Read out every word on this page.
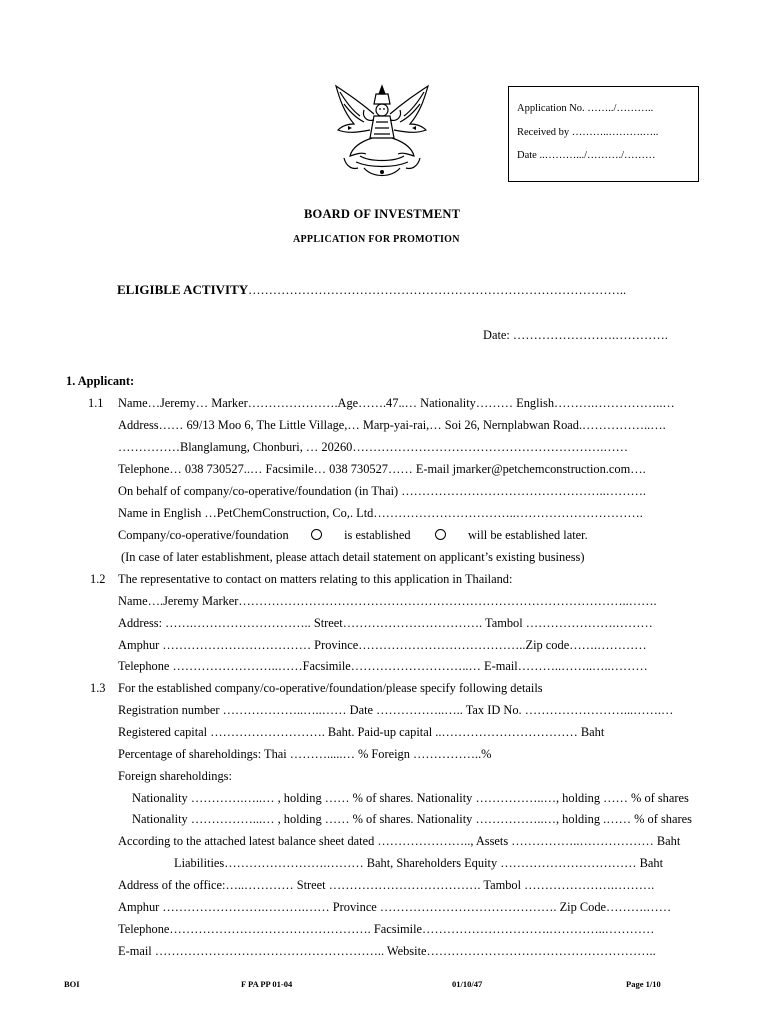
Application No. ……../………..
Received by ………..……….…..
Date ..……….../………./………
BOARD OF INVESTMENT
APPLICATION FOR PROMOTION
ELIGIBLE ACTIVITY………………………………………………………………………………..
Date: …………………….………….
1. Applicant:
1.1 Name…Jeremy… Marker………………….Age…….47..… Nationality……… English……….……………..…
Address…… 69/13 Moo 6, The Little Village,… Marp-yai-rai,… Soi 26, Nernplabwan Road.……………..….
……………Blanglamung, Chonburi, … 20260…………………………………………………….……
Telephone… 038 730527..… Facsimile… 038 730527…… E-mail jmarker@petchemconstruction.com….
On behalf of company/co-operative/foundation (in Thai) …………………………………………..……….
Name in English …PetChemConstruction, Co,. Ltd……………………………..………………………….
Company/co-operative/foundation	is established	will be established later.
(In case of later establishment, please attach detail statement on applicant’s existing business)
1.2 The representative to contact on matters relating to this application in Thailand:
Name….Jeremy Marker…………………………………………………………………………………..…….
Address: …….……………………….. Street……………………………. Tambol ………………….………
Amphur ……………………………… Province…………………………………..Zip code…….…………
Telephone ……………………..……Facsimile………………………..… E-mail………..……..…..………
1.3 For the established company/co-operative/foundation/please specify following details
Registration number ………………..…..…… Date ……………..….. Tax ID No. ……………………...…….…
Registered capital ………………………. Baht. Paid-up capital ..…………………………… Baht
Percentage of shareholdings: Thai ……….....… % Foreign ……………..%
Foreign shareholdings:
Nationality ………….…..… , holding …… % of shares. Nationality ……………..…, holding …… % of shares
Nationality ……………...… , holding …… % of shares. Nationality ……………..…, holding .…… % of shares
According to the attached latest balance sheet dated ………………….., Assets ……………..……………… Baht
Liabilities…………………….……… Baht, Shareholders Equity …………………………… Baht
Address of the office:…..………… Street ………………………………. Tambol ………………….……….
Amphur …………………….……….…… Province ……………………………………. Zip Code……….……
Telephone…………………………………………. Facsimile………………………….…………..…………
E-mail ……………………………………………….. Website………………………………………………..
BOI	F PA PP 01-04	01/10/47	Page 1/10
